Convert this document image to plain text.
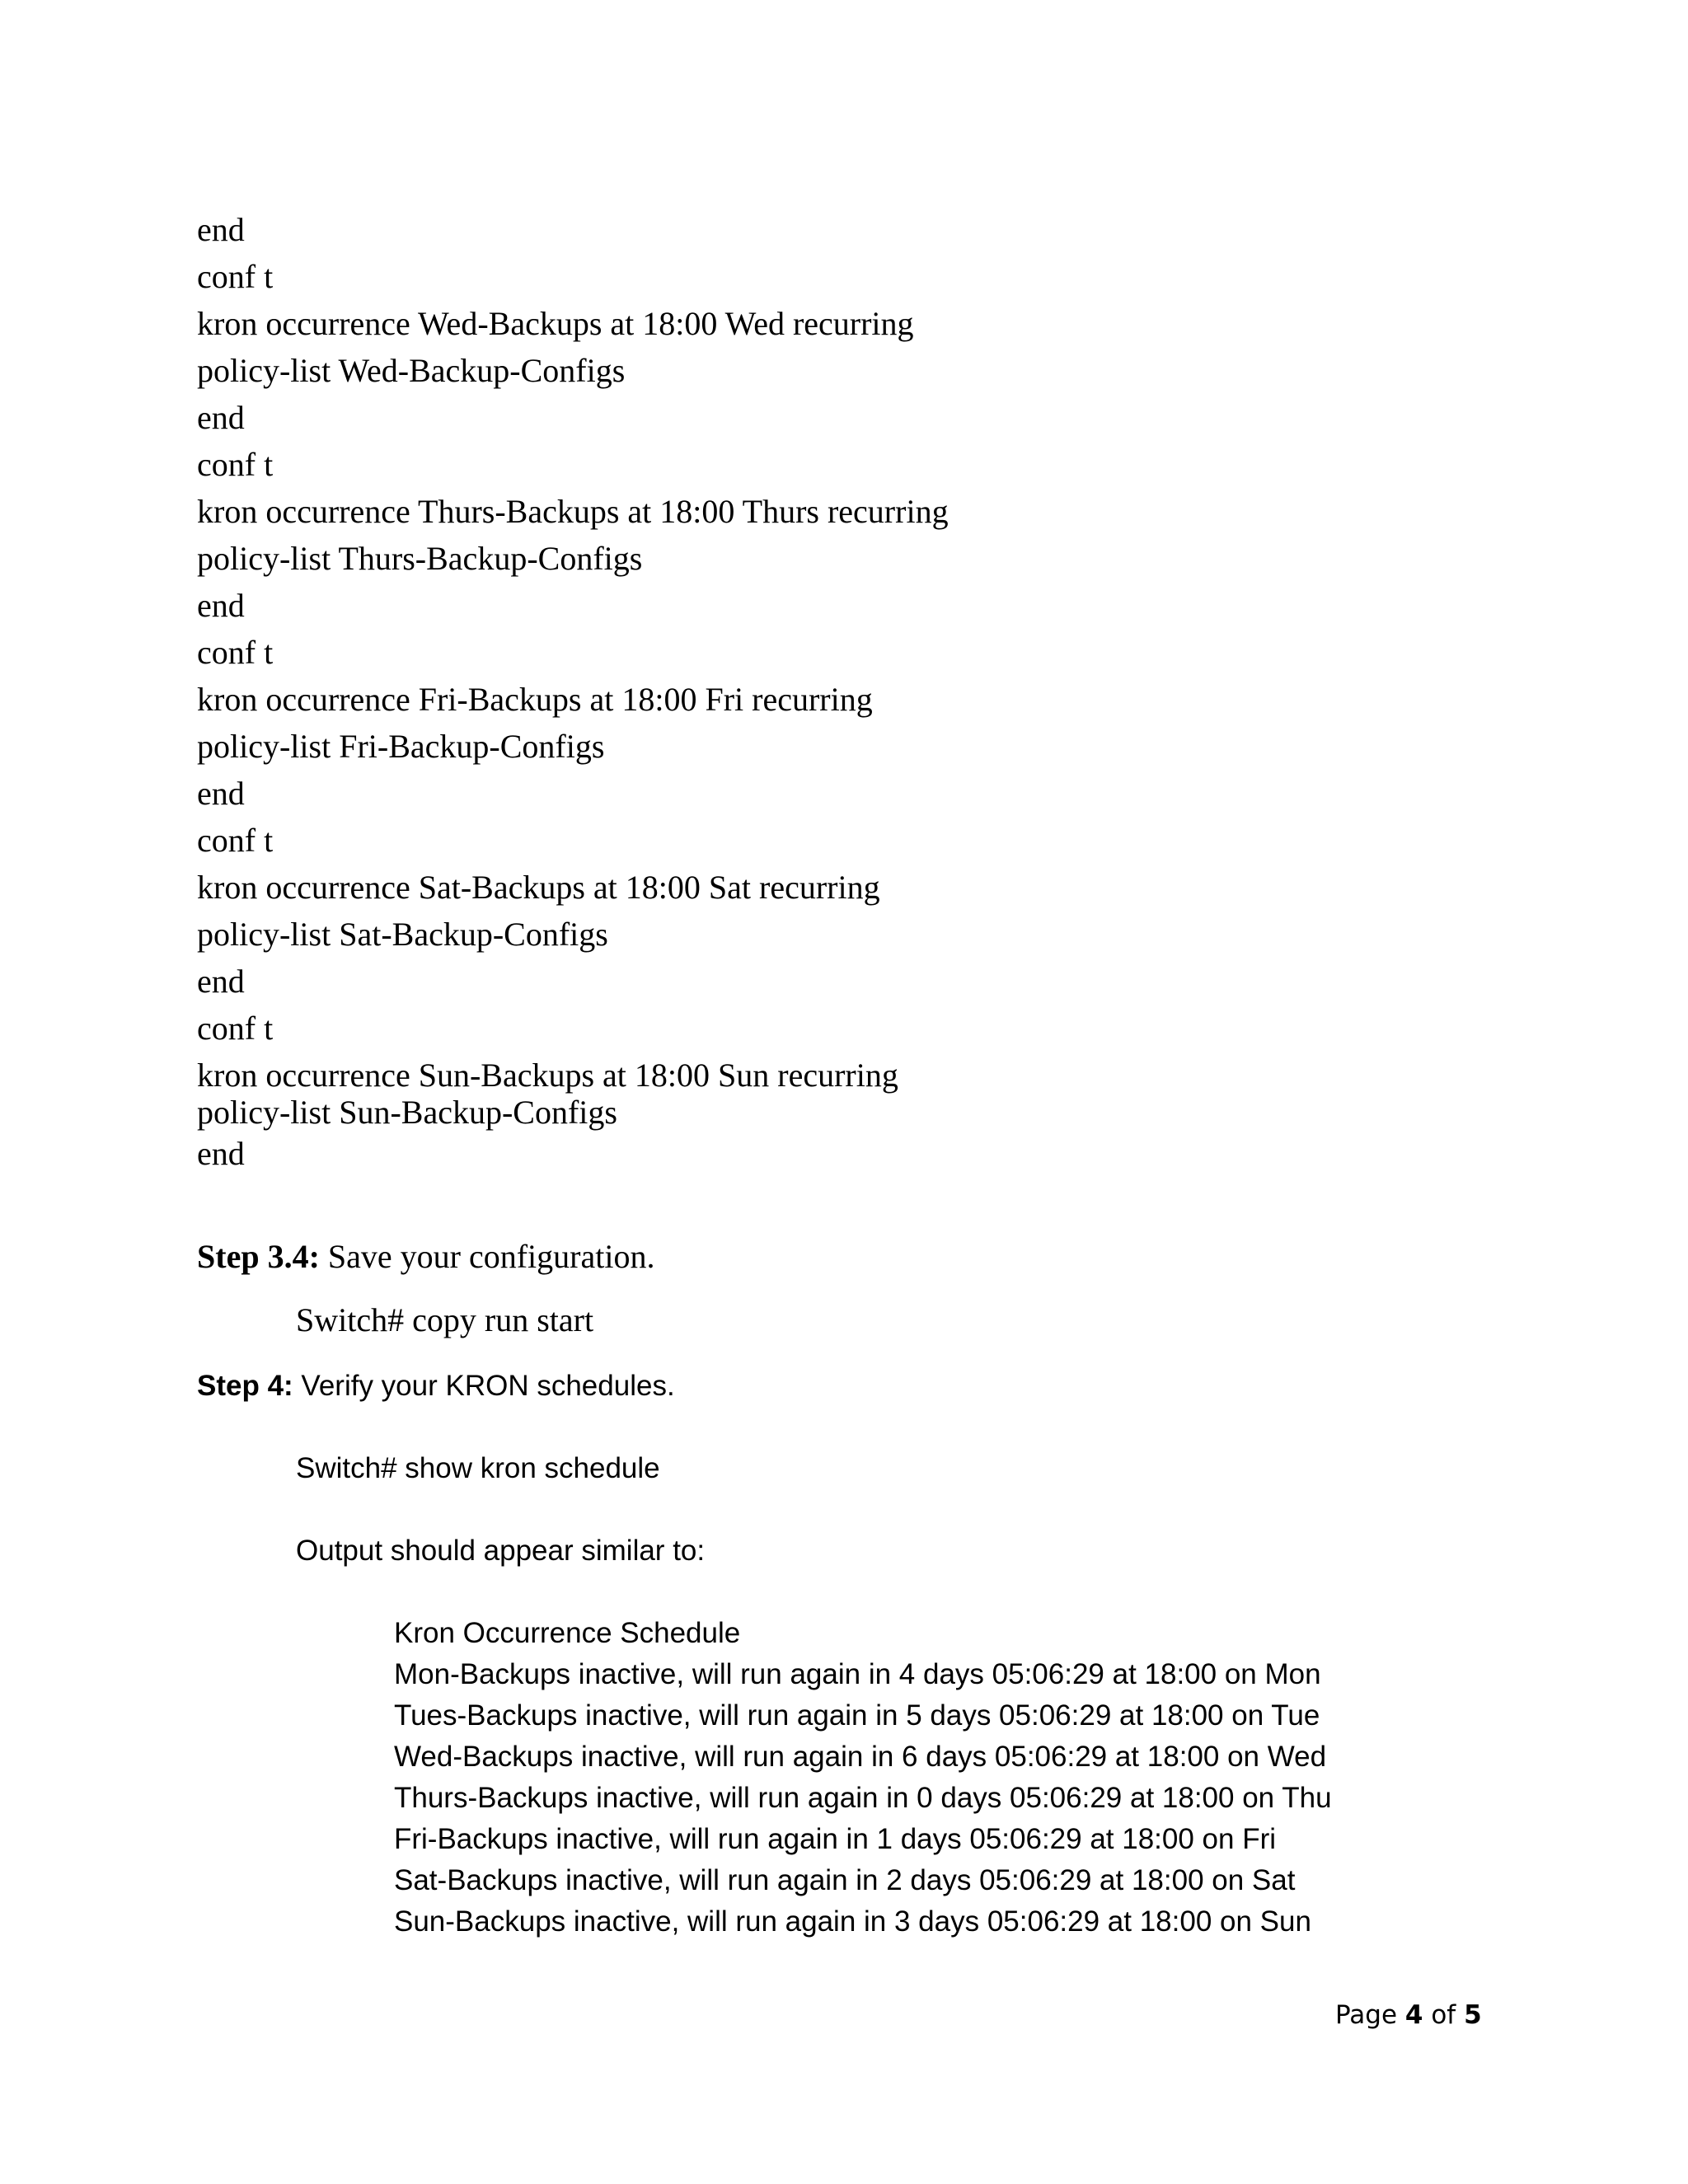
end
conf t
kron occurrence Wed-Backups at 18:00 Wed recurring
policy-list Wed-Backup-Configs
end
conf t
kron occurrence Thurs-Backups at 18:00 Thurs recurring
policy-list Thurs-Backup-Configs
end
conf t
kron occurrence Fri-Backups at 18:00 Fri recurring
policy-list Fri-Backup-Configs
end
conf t
kron occurrence Sat-Backups at 18:00 Sat recurring
policy-list Sat-Backup-Configs
end
conf t
kron occurrence Sun-Backups at 18:00 Sun recurring
policy-list Sun-Backup-Configs
end
Step 3.4: Save your configuration.
Switch# copy run start
Step 4: Verify your KRON schedules.
Switch# show kron schedule
Output should appear similar to:
Kron Occurrence Schedule
Mon-Backups inactive, will run again in 4 days 05:06:29 at 18:00 on Mon
Tues-Backups inactive, will run again in 5 days 05:06:29 at 18:00 on Tue
Wed-Backups inactive, will run again in 6 days 05:06:29 at 18:00 on Wed
Thurs-Backups inactive, will run again in 0 days 05:06:29 at 18:00 on Thu
Fri-Backups inactive, will run again in 1 days 05:06:29 at 18:00 on Fri
Sat-Backups inactive, will run again in 2 days 05:06:29 at 18:00 on Sat
Sun-Backups inactive, will run again in 3 days 05:06:29 at 18:00 on Sun
Page 4 of 5
